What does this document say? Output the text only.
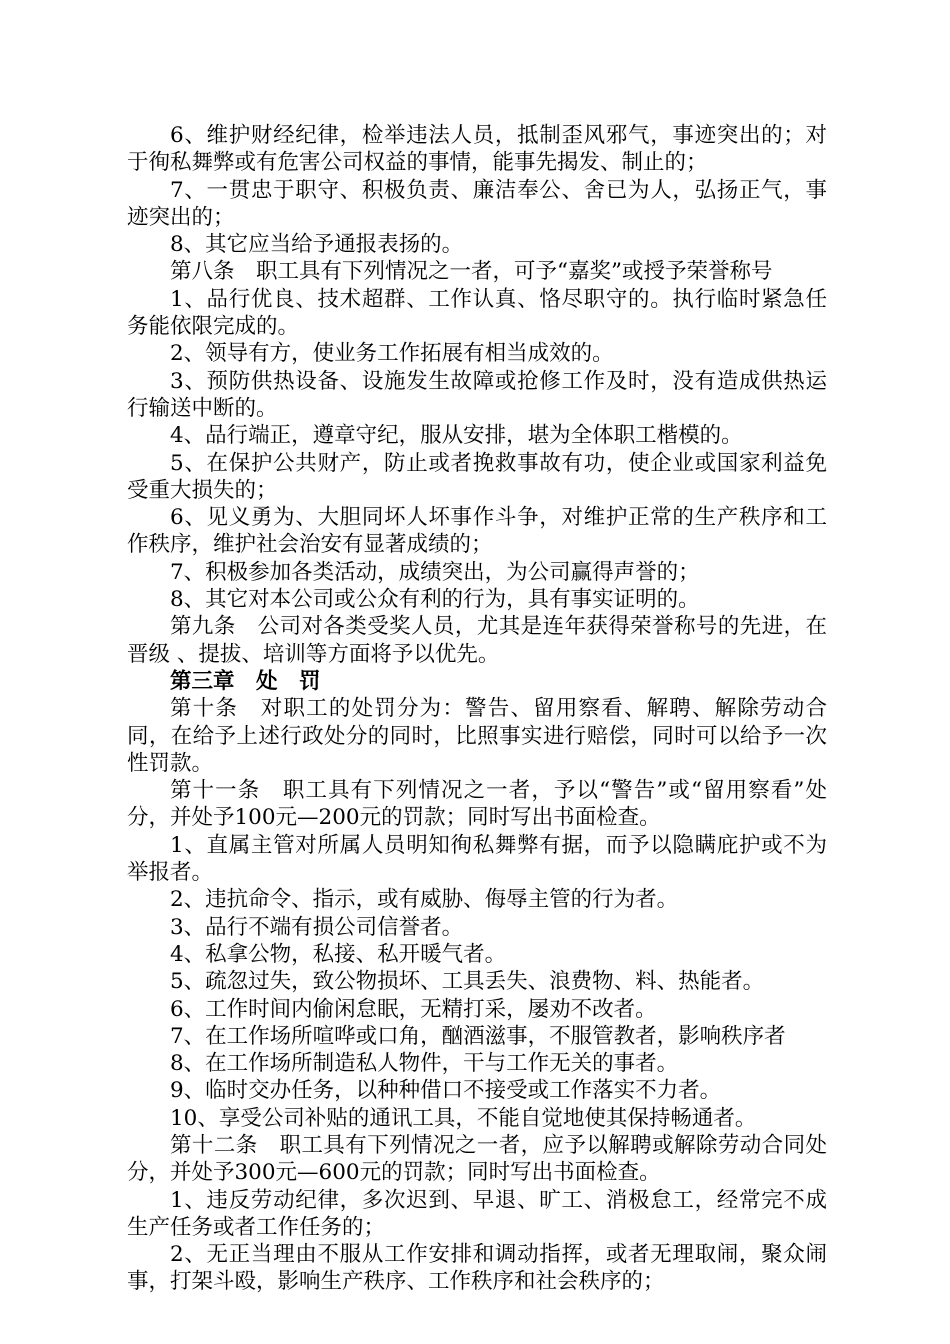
6、维护财经纪律，检举违法人员，抵制歪风邪气，事迹突出的；对于徇私舞弊或有危害公司权益的事情，能事先揭发、制止的；

7、一贯忠于职守、积极负责、廉洁奉公、舍已为人，弘扬正气，事迹突出的；

8、其它应当给予通报表扬的。

第八条　职工具有下列情况之一者，可予“嘉奖”或授予荣誉称号

1、品行优良、技术超群、工作认真、恪尽职守的。执行临时紧急任务能依限完成的。

2、领导有方，使业务工作拓展有相当成效的。

3、预防供热设备、设施发生故障或抢修工作及时，没有造成供热运行输送中断的。

4、品行端正，遵章守纪，服从安排，堪为全体职工楷模的。

5、在保护公共财产，防止或者挽救事故有功，使企业或国家利益免受重大损失的；

6、见义勇为、大胆同坏人坏事作斗争，对维护正常的生产秩序和工作秩序，维护社会治安有显著成绩的；

7、积极参加各类活动，成绩突出，为公司赢得声誉的；

8、其它对本公司或公众有利的行为，具有事实证明的。

第九条　公司对各类受奖人员，尤其是连年获得荣誉称号的先进，在晋级 、提拔、培训等方面将予以优先。

第三章　处　罚

第十条　对职工的处罚分为：警告、留用察看、解聘、解除劳动合同，在给予上述行政处分的同时，比照事实进行赔偿，同时可以给予一次性罚款。

第十一条　职工具有下列情况之一者，予以“警告”或“留用察看”处分，并处予100元—200元的罚款；同时写出书面检查。

1、直属主管对所属人员明知徇私舞弊有据，而予以隐瞒庇护或不为举报者。

2、违抗命令、指示，或有威胁、侮辱主管的行为者。

3、品行不端有损公司信誉者。

4、私拿公物，私接、私开暖气者。

5、疏忽过失，致公物损坏、工具丢失、浪费物、料、热能者。

6、工作时间内偷闲怠眠，无精打采，屡劝不改者。

7、在工作场所喧哗或口角，酗酒滋事，不服管教者，影响秩序者

8、在工作场所制造私人物件，干与工作无关的事者。

9、临时交办任务，以种种借口不接受或工作落实不力者。

10、享受公司补贴的通讯工具，不能自觉地使其保持畅通者。

第十二条　职工具有下列情况之一者，应予以解聘或解除劳动合同处分，并处予300元—600元的罚款；同时写出书面检查。

1、违反劳动纪律，多次迟到、早退、旷工、消极怠工，经常完不成生产任务或者工作任务的；

2、无正当理由不服从工作安排和调动指挥，或者无理取闹，聚众闹事，打架斗殴，影响生产秩序、工作秩序和社会秩序的；
